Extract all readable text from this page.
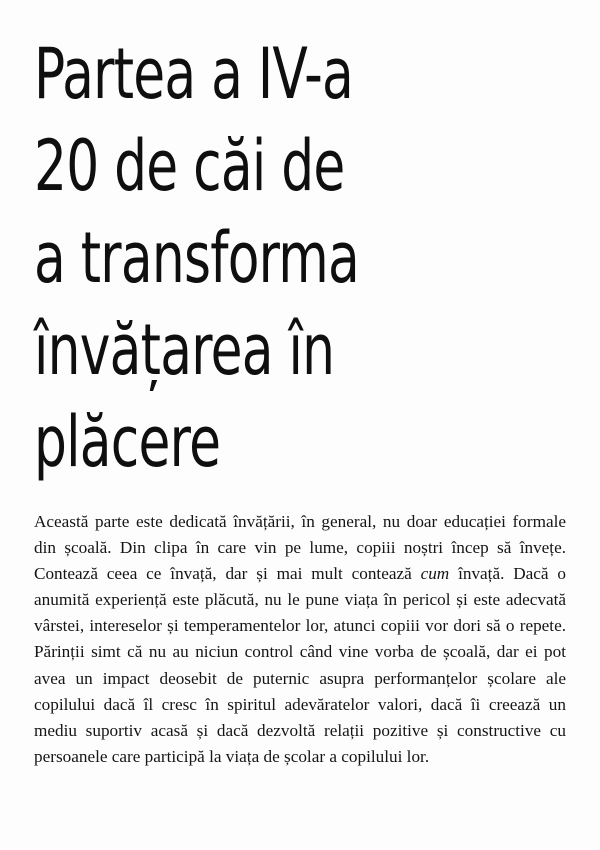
Partea a IV-a
20 de căi de
a transforma
învățarea în
plăcere

Această parte este dedicată învățării, în general, nu doar educației formale din școală. Din clipa în care vin pe lume, copiii noștri încep să învețe. Contează ceea ce învață, dar și mai mult contează cum învață. Dacă o anumită experiență este plăcută, nu le pune viața în pericol și este adecvată vârstei, intereselor și temperamentelor lor, atunci copiii vor dori să o repete. Părinții simt că nu au niciun control când vine vorba de școală, dar ei pot avea un impact deosebit de puternic asupra performanțelor școlare ale copilului dacă îl cresc în spiritul adevăratelor valori, dacă îi creează un mediu suportiv acasă și dacă dezvoltă relații pozitive și constructive cu persoanele care participă la viața de școlar a copilului lor.
